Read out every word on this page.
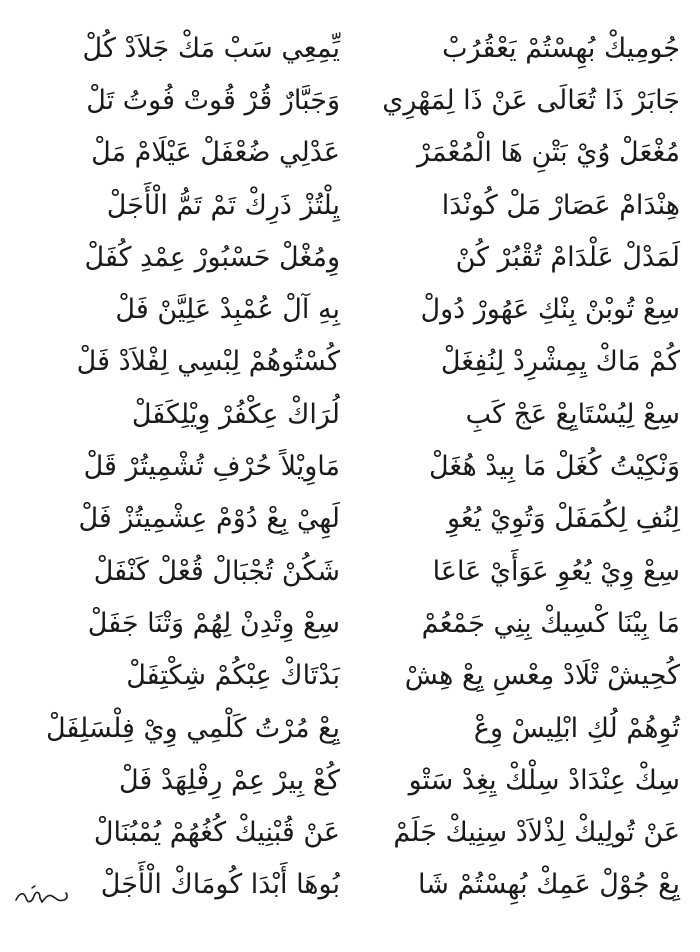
يِّمِعِي سَبْ مَكْ جَلاَدْ كُلْ	جُومِيكْ بُهِسْتُمْ يَعْقُرُبْ
وَجَبَّارٌ قُرْ قُوتْ فُوتُ تَلْ	جَابَرْ ذَا تُعَالَى عَنْ ذَا لِمَهْرِي
عَدْلِي ضُعْفَلْ عَيْلَامْ مَلْ	مُغْعَلْ وُيْ بَتْنِ هَا الْمُعْمَرْ
يِلْتُزْ ذَرِكْ تَمْ تَمُّ الْأَجَلْ	هِنْدَامْ عَصَارْ مَلْ كُونْدَا
وِمُغْلْ حَسْبُورْ عِمْدِ كُفَلْ	لَمَدْلْ عَلْدَامْ تُقْبُرْ كُنْ
بِهِ آلْ عُمْبِدْ عَلِيَّنْ فَلْ	سِعْ تُوبْنْ بِنْكِ عَهُورْ دُولْ
كُسْتُوهُمْ لِبْسِي لِفْلاَدْ فَلْ	كُمْ مَاكْ يِمِشْرِدْ لِنُفِغَلْ
لُرَاكْ عِكْفُرْ وِيْلِكَفَلْ	سِعْ لِيُسْتَايِعْ عَجْ كَبِ
مَاوِيْلاً حُرْفِ تُشْمِيتُرْ قَلْ	وَنْكِيْتُ كُغَلْ مَا بِيدْ هُغَلْ
لَهِيْ بِعْ دُوْمْ عِشْمِيتُزْ فَلْ	لِنُفِ لِكُمَفَلْ وَتُوِيْ يُعُوِ
شَكُنْ تُجْبَالْ قُعْلْ كَنْفَلْ	سِعْ وِيْ يُعُوِ عَوَأَيْ عَاعَا
سِعْ وِتْدِنْ لِهُمْ وَتْنَا جَفَلْ	مَا بِيْنَا كْسِيكْ بِنِي جَمْعُمْ
بَدْتَاكْ عِبْكُمْ شِكْتِفَلْ	كُحِيشْ تْلَادْ مِعْسِ يِعْ هِشْ
يِعْ مُرْتُ كَلْمِي وِيْ فِلْسَلِفَلْ	تُوِهُمْ لُكِ ابْلِيسْ وِعْ
كُعْ بِيرْ عِمْ رِفْلِهَدْ فَلْ	سِكْ عِنْدَادْ سِلْكْ يِغِدْ سَتْو
عَنْ قُبْنِيكْ كُغُهُمْ يُمْبُنَالْ	عَنْ تُولِيكْ لِذْلاَدْ سِنِيكْ جَلَمْ
بُوهَا أَبْدَا كُومَاكْ الْأَجَلْ	يِعْ جُوْلْ عَمِكْ بُهِسْتُمْ شَا
